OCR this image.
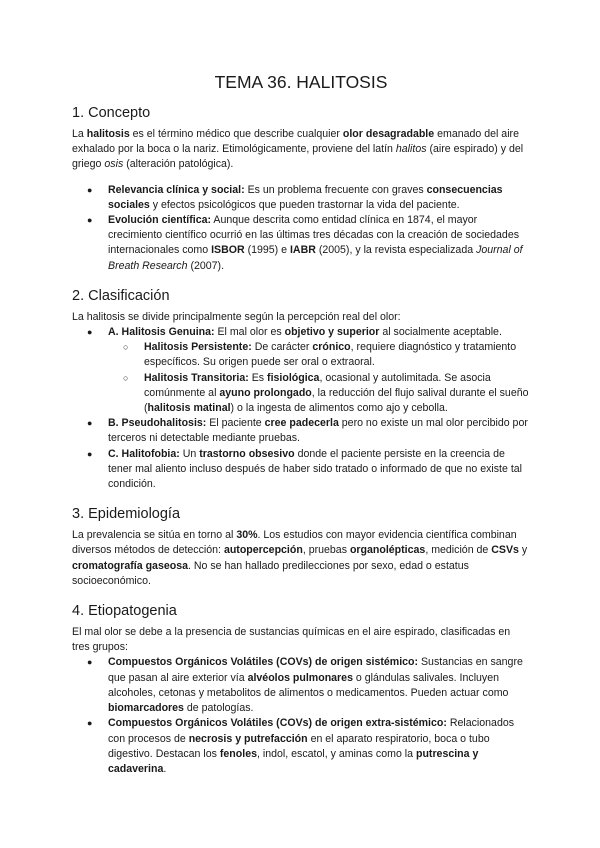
TEMA 36. HALITOSIS
1. Concepto

La halitosis es el término médico que describe cualquier olor desagradable emanado del aire exhalado por la boca o la nariz. Etimológicamente, proviene del latín halitos (aire espirado) y del griego osis (alteración patológica).

● Relevancia clínica y social: Es un problema frecuente con graves consecuencias sociales y efectos psicológicos que pueden trastornar la vida del paciente.
● Evolución científica: Aunque descrita como entidad clínica en 1874, el mayor crecimiento científico ocurrió en las últimas tres décadas con la creación de sociedades internacionales como ISBOR (1995) e IABR (2005), y la revista especializada Journal of Breath Research (2007).
2. Clasificación

La halitosis se divide principalmente según la percepción real del olor:

● A. Halitosis Genuina: El mal olor es objetivo y superior al socialmente aceptable.
○ Halitosis Persistente: De carácter crónico, requiere diagnóstico y tratamiento específicos. Su origen puede ser oral o extraoral.
○ Halitosis Transitoria: Es fisiológica, ocasional y autolimitada. Se asocia comúnmente al ayuno prolongado, la reducción del flujo salival durante el sueño (halitosis matinal) o la ingesta de alimentos como ajo y cebolla.
● B. Pseudohalitosis: El paciente cree padecerla pero no existe un mal olor percibido por terceros ni detectable mediante pruebas.
● C. Halitofobia: Un trastorno obsesivo donde el paciente persiste en la creencia de tener mal aliento incluso después de haber sido tratado o informado de que no existe tal condición.
3. Epidemiología

La prevalencia se sitúa en torno al 30%. Los estudios con mayor evidencia científica combinan diversos métodos de detección: autopercepción, pruebas organolépticas, medición de CSVs y cromatografía gaseosa. No se han hallado predilecciones por sexo, edad o estatus socioeconómico.

4. Etiopatogenia

El mal olor se debe a la presencia de sustancias químicas en el aire espirado, clasificadas en tres grupos:

● Compuestos Orgánicos Volátiles (COVs) de origen sistémico: Sustancias en sangre que pasan al aire exterior vía alvéolos pulmonares o glándulas salivales. Incluyen alcoholes, cetonas y metabolitos de alimentos o medicamentos. Pueden actuar como biomarcadores de patologías.
● Compuestos Orgánicos Volátiles (COVs) de origen extra-sistémico: Relacionados con procesos de necrosis y putrefacción en el aparato respiratorio, boca o tubo digestivo. Destacan los fenoles, indol, escatol, y aminas como la putrescina y cadaverina.
